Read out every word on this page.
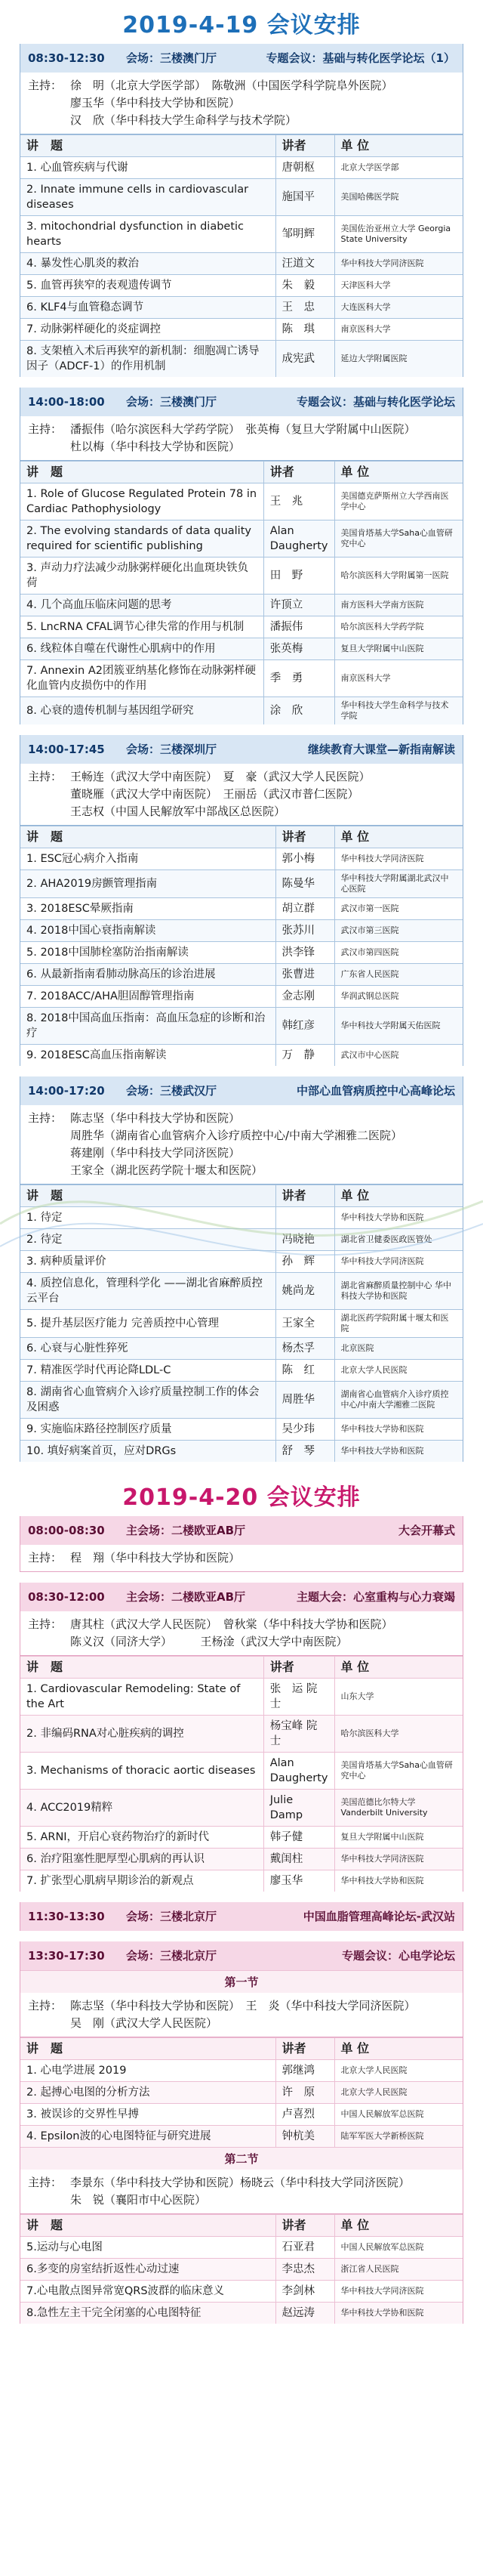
2019-4-19 会议安排
08:30-12:30	会场：三楼澳门厅	专题会议：基础与转化医学论坛（1）
主持： 徐　明（北京大学医学部）　陈敬洲（中国医学科学院阜外医院）
廖玉华（华中科技大学协和医院）
汉　欣（华中科技大学生命科学与技术学院）
讲　题	讲者	单 位
1. 心血管疾病与代谢	唐朝枢	北京大学医学部
2. Innate immune cells in cardiovascular diseases	施国平	美国哈佛医学院
3. mitochondrial dysfunction in diabetic hearts	邹明辉	美国佐治亚州立大学 Georgia State University
4. 暴发性心肌炎的救治	汪道文	华中科技大学同济医院
5. 血管再狭窄的表观遗传调节	朱　毅	天津医科大学
6. KLF4与血管稳态调节	王　忠	大连医科大学
7. 动脉粥样硬化的炎症调控	陈　琪	南京医科大学
8. 支架植入术后再狭窄的新机制：细胞凋亡诱导因子（ADCF-1）的作用机制	成宪武	延边大学附属医院
14:00-18:00	会场：三楼澳门厅	专题会议：基础与转化医学论坛
主持： 潘振伟（哈尔滨医科大学药学院）　张英梅（复旦大学附属中山医院）
杜以梅（华中科技大学协和医院）
讲　题	讲者	单 位
1. Role of Glucose Regulated Protein 78 in Cardiac Pathophysiology	王　兆	美国德克萨斯州立大学西南医学中心
2. The evolving standards of data quality required for scientific publishing	Alan Daugherty	美国肯塔基大学Saha心血管研究中心
3. 声动力疗法减少动脉粥样硬化出血斑块铁负荷	田　野	哈尔滨医科大学附属第一医院
4. 几个高血压临床问题的思考	许顶立	南方医科大学南方医院
5. LncRNA CFAL调节心律失常的作用与机制	潘振伟	哈尔滨医科大学药学院
6. 线粒体自噬在代谢性心肌病中的作用	张英梅	复旦大学附属中山医院
7. Annexin A2团簇亚纳基化修饰在动脉粥样硬化血管内皮损伤中的作用	季　勇	南京医科大学
8. 心衰的遗传机制与基因组学研究	涂　欣	华中科技大学生命科学与技术学院
14:00-17:45	会场：三楼深圳厅	继续教育大课堂—新指南解读
主持： 王畅连（武汉大学中南医院）　夏　豪（武汉大学人民医院）
董晓雁（武汉大学中南医院）　王丽岳（武汉市普仁医院）
王志权（中国人民解放军中部战区总医院）
讲　题	讲者	单 位
1. ESC冠心病介入指南	郭小梅	华中科技大学同济医院
2. AHA2019房颤管理指南	陈曼华	华中科技大学附属湖北武汉中心医院
3. 2018ESC晕厥指南	胡立群	武汉市第一医院
4. 2018中国心衰指南解读	张苏川	武汉市第三医院
5. 2018中国肺栓塞防治指南解读	洪李锋	武汉市第四医院
6. 从最新指南看肺动脉高压的诊治进展	张曹进	广东省人民医院
7. 2018ACC/AHA胆固醇管理指南	金志刚	华润武钢总医院
8. 2018中国高血压指南：高血压急症的诊断和治疗	韩红彦	华中科技大学附属天佑医院
9. 2018ESC高血压指南解读	万　静	武汉市中心医院
14:00-17:20	会场：三楼武汉厅	中部心血管病质控中心高峰论坛
主持： 陈志坚（华中科技大学协和医院）
周胜华（湖南省心血管病介入诊疗质控中心/中南大学湘雅二医院）
蒋建刚（华中科技大学同济医院）
王家全（湖北医药学院十堰太和医院）
讲　题	讲者	单 位
1. 待定		华中科技大学协和医院
2. 待定	冯晓艳	湖北省卫健委医政医管处
3. 病种质量评价	孙　辉	华中科技大学同济医院
4. 质控信息化，管理科学化 ——湖北省麻醉质控云平台	姚尚龙	湖北省麻醉质量控制中心 华中科技大学协和医院
5. 提升基层医疗能力 完善质控中心管理	王家全	湖北医药学院附属十堰太和医院
6. 心衰与心脏性猝死	杨杰孚	北京医院
7. 精准医学时代再论降LDL-C	陈　红	北京大学人民医院
8. 湖南省心血管病介入诊疗质量控制工作的体会及困惑	周胜华	湖南省心血管病介入诊疗质控中心/中南大学湘雅二医院
9. 实施临床路径控制医疗质量	吴少玮	华中科技大学协和医院
10. 填好病案首页，应对DRGs	舒　琴	华中科技大学协和医院
2019-4-20 会议安排
08:00-08:30	主会场：二楼欧亚AB厅	大会开幕式
主持： 程　翔（华中科技大学协和医院）
08:30-12:00	主会场：二楼欧亚AB厅	主题大会：心室重构与心力衰竭
主持： 唐其柱（武汉大学人民医院）　曾秋棠（华中科技大学协和医院）
陈义汉（同济大学）　　　王杨淦（武汉大学中南医院）
讲　题	讲者	单 位
1. Cardiovascular Remodeling: State of the Art	张　运 院士	山东大学
2. 非编码RNA对心脏疾病的调控	杨宝峰 院士	哈尔滨医科大学
3. Mechanisms of thoracic aortic diseases	Alan Daugherty	美国肯塔基大学Saha心血管研究中心
4. ACC2019精粹	Julie Damp	美国范德比尔特大学 Vanderbilt University
5. ARNI，开启心衰药物治疗的新时代	韩子健	复旦大学附属中山医院
6. 治疗阻塞性肥厚型心肌病的再认识	戴闺柱	华中科技大学同济医院
7. 扩张型心肌病早期诊治的新观点	廖玉华	华中科技大学协和医院
11:30-13:30	会场：三楼北京厅	中国血脂管理高峰论坛-武汉站
13:30-17:30	会场：三楼北京厅	专题会议：心电学论坛
第一节
主持： 陈志坚（华中科技大学协和医院）　王　炎（华中科技大学同济医院）
吴　刚（武汉大学人民医院）
讲　题	讲者	单 位
1. 心电学进展 2019	郭继鸿	北京大学人民医院
2. 起搏心电图的分析方法	许　原	北京大学人民医院
3. 被误诊的交界性早搏	卢喜烈	中国人民解放军总医院
4. Epsilon波的心电图特征与研究进展	钟杭美	陆军军医大学新桥医院
第二节
主持： 李景东（华中科技大学协和医院）杨晓云（华中科技大学同济医院）
朱　锐（襄阳市中心医院）
讲　题	讲者	单 位
5.运动与心电图	石亚君	中国人民解放军总医院
6.多变的房室结折返性心动过速	李忠杰	浙江省人民医院
7.心电散点图异常宽QRS波群的临床意义	李剑林	华中科技大学同济医院
8.急性左主干完全闭塞的心电图特征	赵远涛	华中科技大学协和医院
